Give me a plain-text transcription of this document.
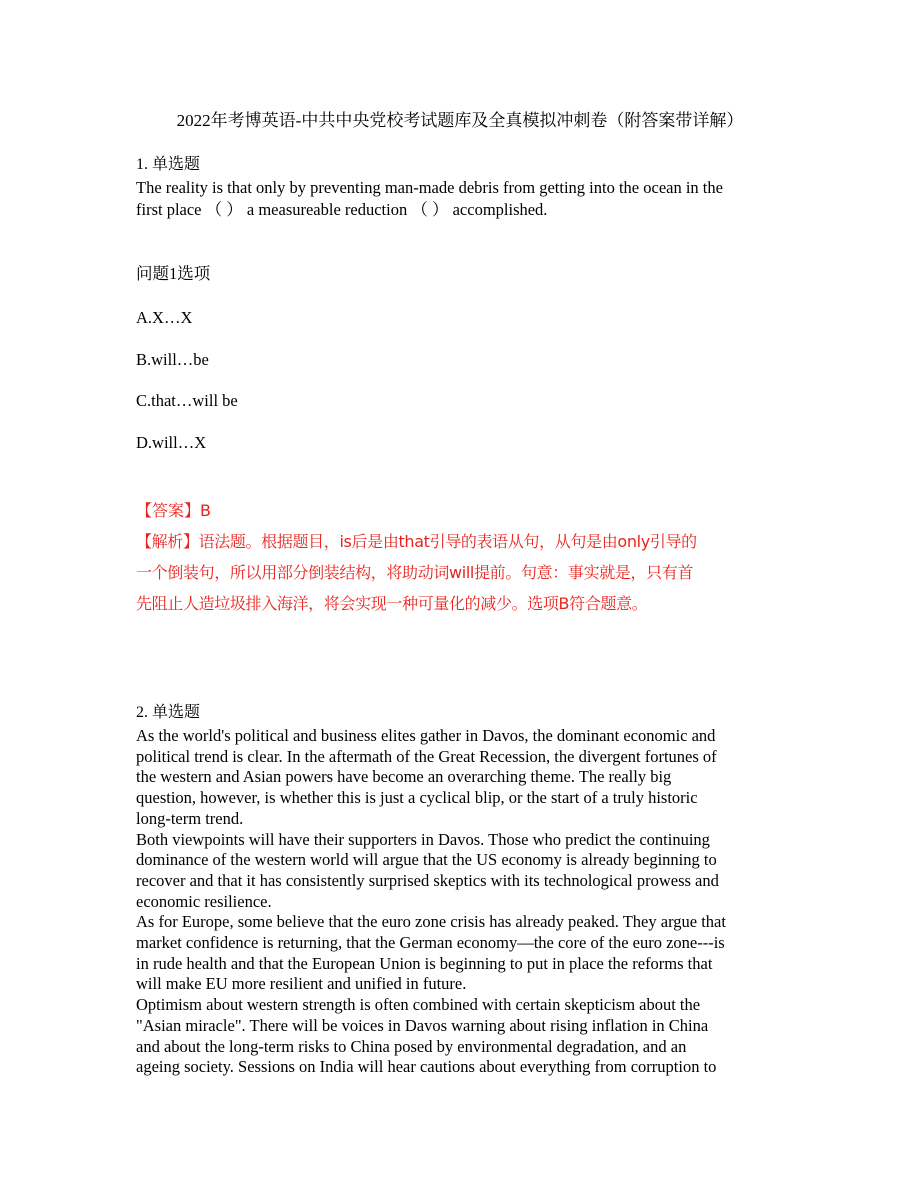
2022年考博英语-中共中央党校考试题库及全真模拟冲刺卷（附答案带详解）
1. 单选题

The reality is that only by preventing man-made debris from getting into the ocean in the

first place （ ） a measureable reduction （ ） accomplished.

问题1选项
A.X…X
B.will…be
C.that…will be
D.will…X
【答案】B
【解析】语法题。根据题目，is后是由that引导的表语从句，从句是由only引导的
一个倒装句，所以用部分倒装结构，将助动词will提前。句意：事实就是，只有首
先阻止人造垃圾排入海洋，将会实现一种可量化的减少。选项B符合题意。
2. 单选题
As the world's political and business elites gather in Davos, the dominant economic and
political trend is clear. In the aftermath of the Great Recession, the divergent fortunes of
the western and Asian powers have become an overarching theme. The really big
question, however, is whether this is just a cyclical blip, or the start of a truly historic
long-term trend.
Both viewpoints will have their supporters in Davos. Those who predict the continuing
dominance of the western world will argue that the US economy is already beginning to
recover and that it has consistently surprised skeptics with its technological prowess and
economic resilience.
As for Europe, some believe that the euro zone crisis has already peaked. They argue that
market confidence is returning, that the German economy—the core of the euro zone---is
in rude health and that the European Union is beginning to put in place the reforms that
will make EU more resilient and unified in future.
Optimism about western strength is often combined with certain skepticism about the
"Asian miracle". There will be voices in Davos warning about rising inflation in China
and about the long-term risks to China posed by environmental degradation, and an
ageing society. Sessions on India will hear cautions about everything from corruption to
